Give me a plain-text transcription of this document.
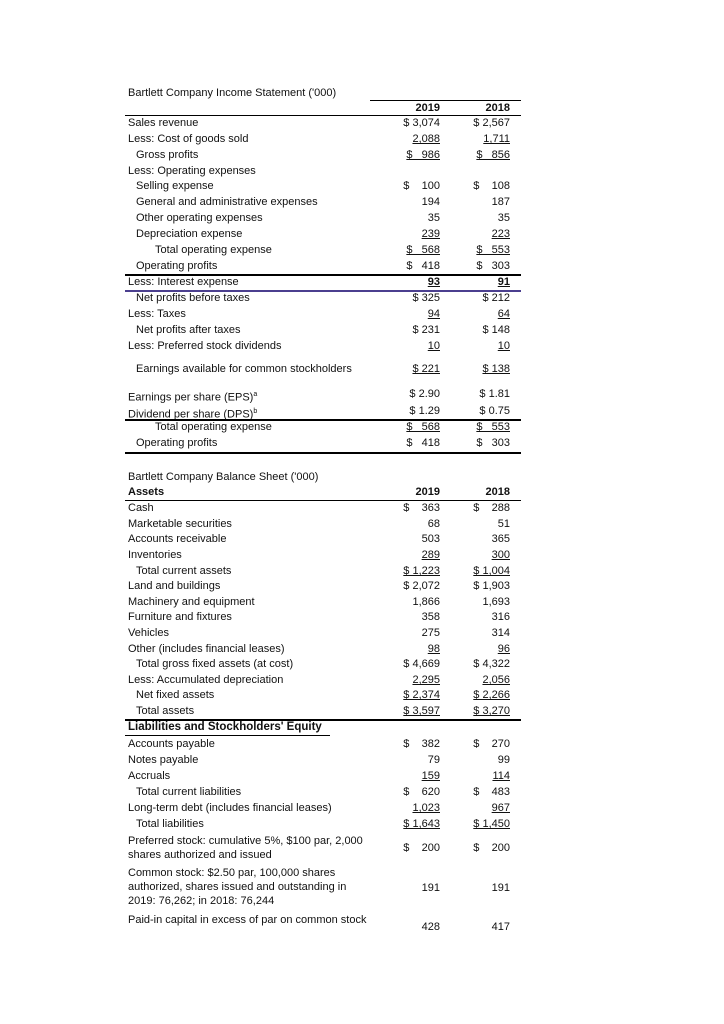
Bartlett Company Income Statement ('000)
2019	2018
Sales revenue	$ 3,074	$ 2,567
Less: Cost of goods sold	2,088	1,711
Gross profits	$   986	$   856
Less: Operating expenses
Selling expense	$    100	$    108
General and administrative expenses	194	187
Other operating expenses	35	35
Depreciation expense	239	223
Total operating expense	$   568	$   553
Operating profits	$   418	$   303
Less: Interest expense	93	91
Net profits before taxes	$ 325	$ 212
Less: Taxes	94	64
Net profits after taxes	$ 231	$ 148
Less: Preferred stock dividends	10	10
Earnings available for common stockholders	$ 221	$ 138
Earnings per share (EPS)$^a$	$ 2.90	$ 1.81
Dividend per share (DPS)$^b$	$ 1.29	$ 0.75
Total operating expense	$   568	$   553
Operating profits	$   418	$   303
Bartlett Company Balance Sheet ('000)
Assets	2019	2018
Cash	$    363	$    288
Marketable securities	68	51
Accounts receivable	503	365
Inventories	289	300
Total current assets	$ 1,223	$ 1,004
Land and buildings	$ 2,072	$ 1,903
Machinery and equipment	1,866	1,693
Furniture and fixtures	358	316
Vehicles	275	314
Other (includes financial leases)	98	96
Total gross fixed assets (at cost)	$ 4,669	$ 4,322
Less: Accumulated depreciation	2,295	2,056
Net fixed assets	$ 2,374	$ 2,266
Total assets	$ 3,597	$ 3,270
Liabilities and Stockholders' Equity
Accounts payable	$    382	$    270
Notes payable	79	99
Accruals	159	114
Total current liabilities	$    620	$    483
Long-term debt (includes financial leases)	1,023	967
Total liabilities	$ 1,643	$ 1,450
Preferred stock: cumulative 5%, $100 par, 2,000 shares authorized and issued
$    200	$    200
Common stock: $2.50 par, 100,000 shares authorized, shares issued and outstanding in 2019: 76,262; in 2018: 76,244
191	191
Paid-in capital in excess of par on common stock
428	417
